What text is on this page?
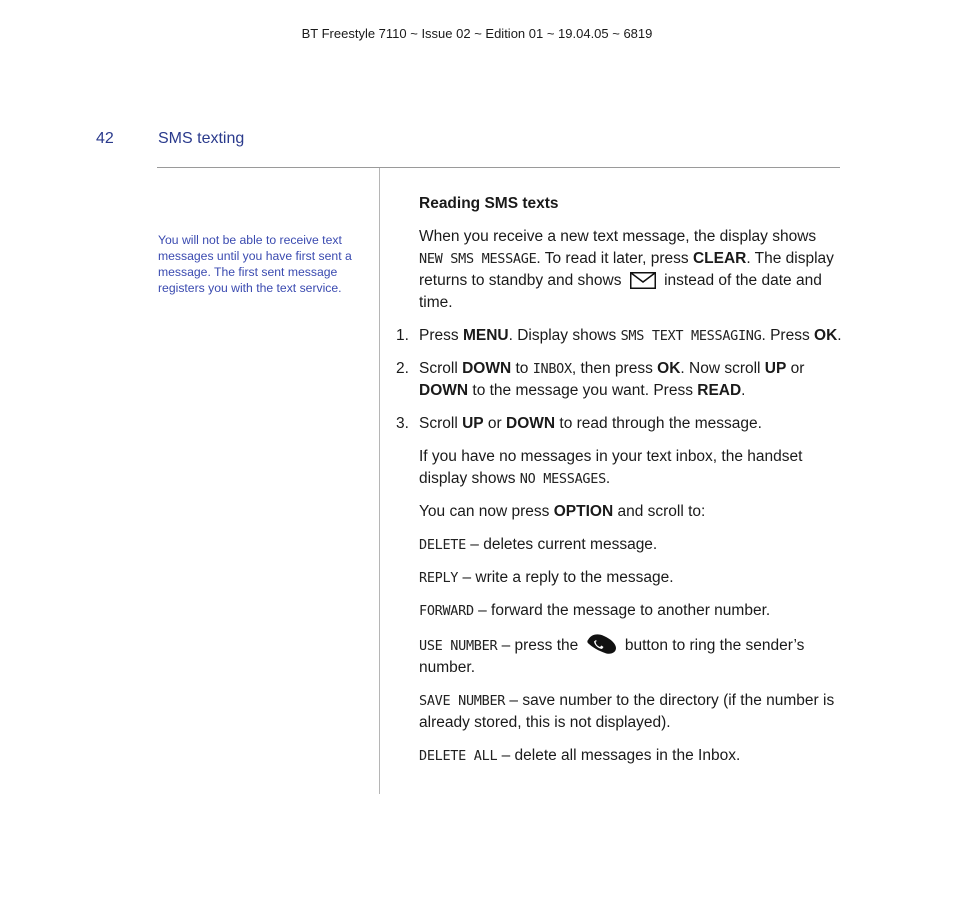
BT Freestyle 7110 ~ Issue 02 ~ Edition 01 ~ 19.04.05 ~ 6819
42	SMS texting
You will not be able to receive text messages until you have first sent a message. The first sent message registers you with the text service.

Reading SMS texts

When you receive a new text message, the display shows NEW SMS MESSAGE. To read it later, press CLEAR. The display returns to standby and shows  instead of the date and time.

1. Press MENU. Display shows SMS TEXT MESSAGING. Press OK.
2. Scroll DOWN to INBOX, then press OK. Now scroll UP or DOWN to the message you want. Press READ.
3. Scroll UP or DOWN to read through the message.

If you have no messages in your text inbox, the handset display shows NO MESSAGES.

You can now press OPTION and scroll to:

DELETE – deletes current message.

REPLY – write a reply to the message.

FORWARD – forward the message to another number.

USE NUMBER – press the  button to ring the sender’s number.

SAVE NUMBER – save number to the directory (if the number is already stored, this is not displayed).

DELETE ALL – delete all messages in the Inbox.
